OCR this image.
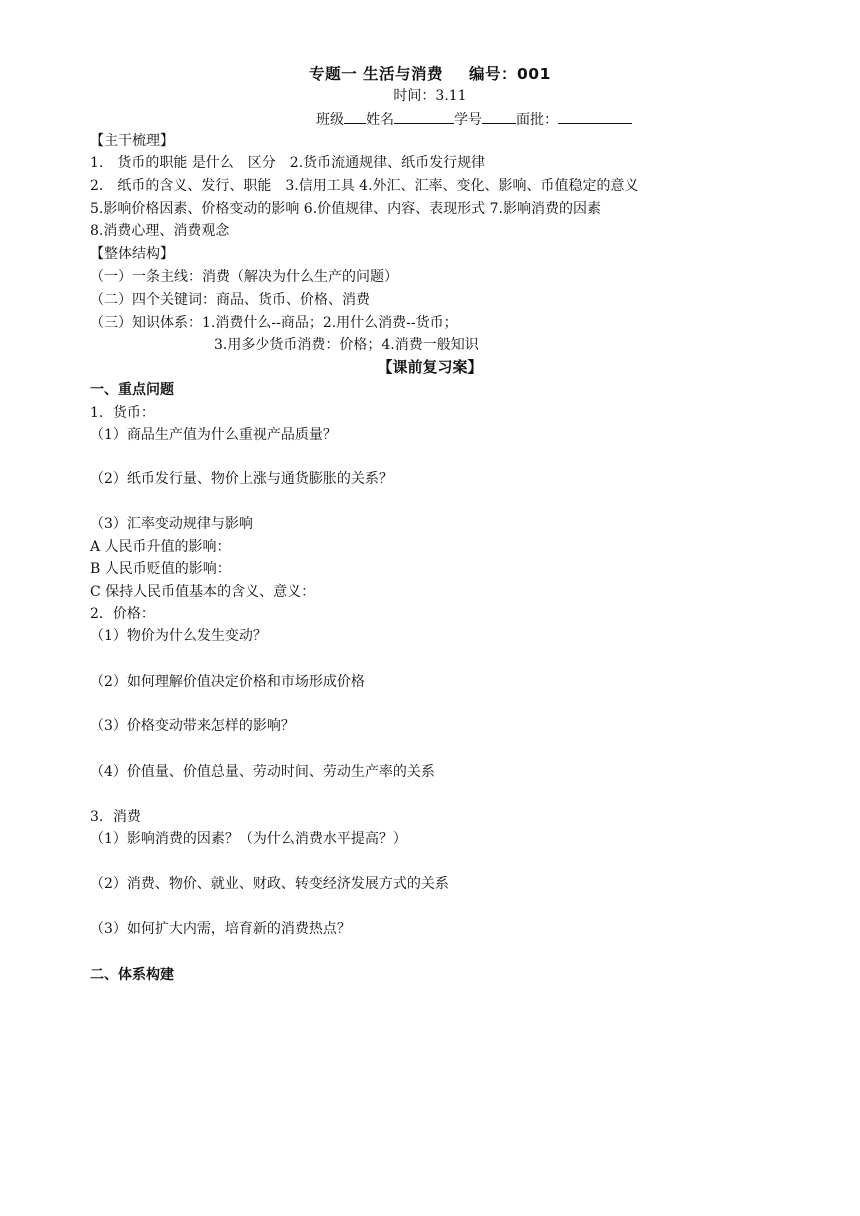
专题一 生活与消费 编号：001
时间：3.11
班级 姓名	学号 面批：
【主干梳理】
1.　货币的职能 是什么　区分　2.货币流通规律、纸币发行规律
2.　纸币的含义、发行、职能　3.信用工具 4.外汇、汇率、变化、影响、币值稳定的意义
5.影响价格因素、价格变动的影响 6.价值规律、内容、表现形式 7.影响消费的因素
8.消费心理、消费观念
【整体结构】
（一）一条主线：消费（解决为什么生产的问题）
（二）四个关键词：商品、货币、价格、消费
（三）知识体系：1.消费什么--商品；2.用什么消费--货币；
3.用多少货币消费：价格；4.消费一般知识
【课前复习案】
一、重点问题
1．货币：
（1）商品生产值为什么重视产品质量？
（2）纸币发行量、物价上涨与通货膨胀的关系？
（3）汇率变动规律与影响
A 人民币升值的影响：
B 人民币贬值的影响：
C 保持人民币值基本的含义、意义：
2．价格：
（1）物价为什么发生变动？
（2）如何理解价值决定价格和市场形成价格
（3）价格变动带来怎样的影响？
（4）价值量、价值总量、劳动时间、劳动生产率的关系
3．消费
（1）影响消费的因素？（为什么消费水平提高？）
（2）消费、物价、就业、财政、转变经济发展方式的关系
（3）如何扩大内需，培育新的消费热点？
二、体系构建
